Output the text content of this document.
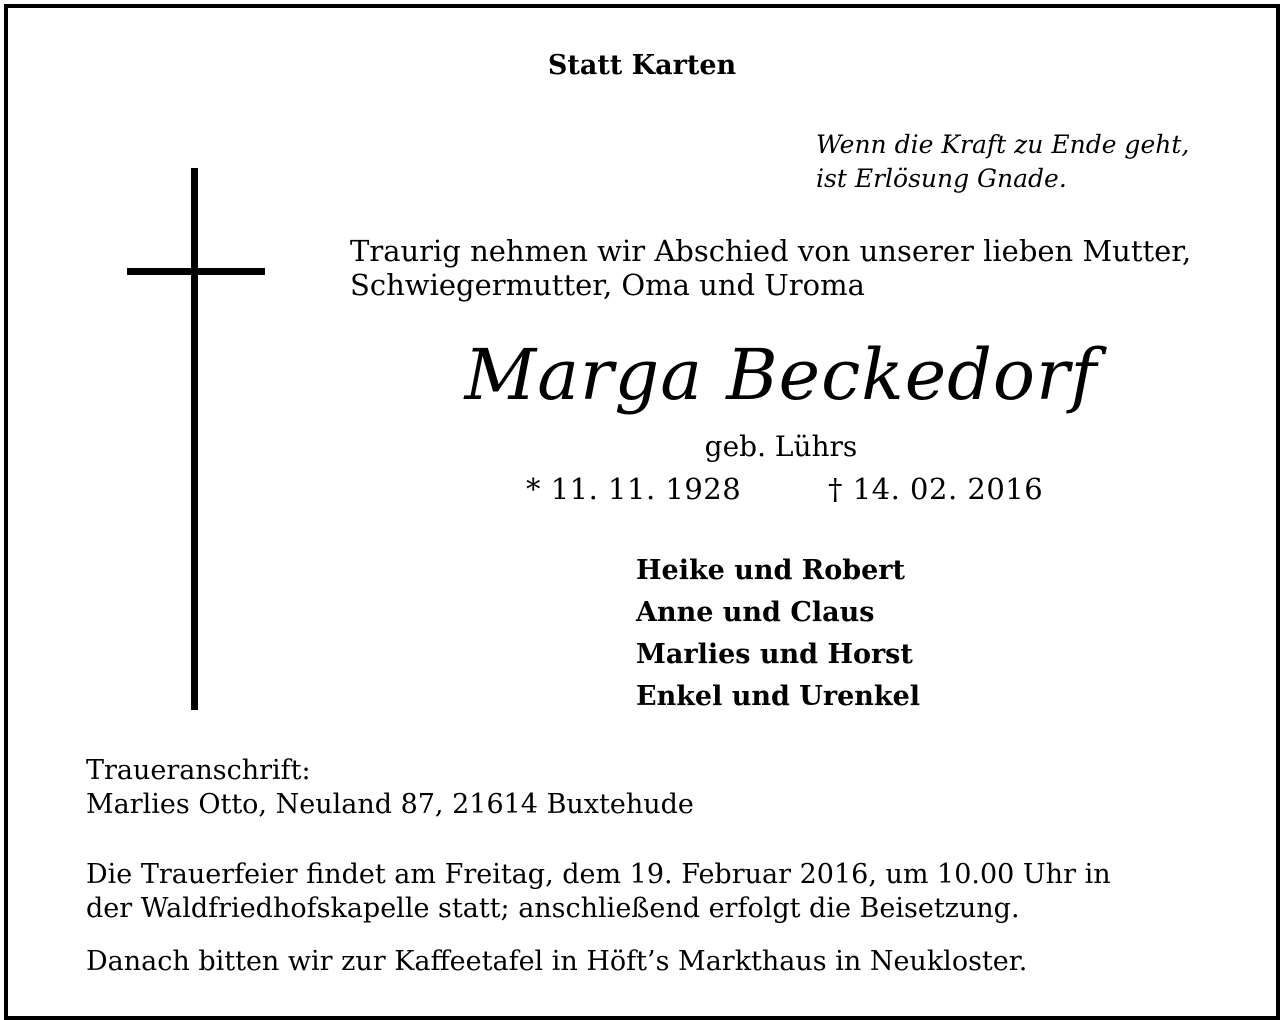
Statt Karten
Wenn die Kraft zu Ende geht,
ist Erlösung Gnade.
Traurig nehmen wir Abschied von unserer lieben Mutter,
Schwiegermutter, Oma und Uroma
Marga Beckedorf
geb. Lührs
* 11. 11. 1928	† 14. 02. 2016
Heike und Robert
Anne und Claus
Marlies und Horst
Enkel und Urenkel
Traueranschrift:
Marlies Otto, Neuland 87, 21614 Buxtehude
Die Trauerfeier findet am Freitag, dem 19. Februar 2016, um 10.00 Uhr in
der Waldfriedhofskapelle statt; anschließend erfolgt die Beisetzung.
Danach bitten wir zur Kaffeetafel in Höft’s Markthaus in Neukloster.
